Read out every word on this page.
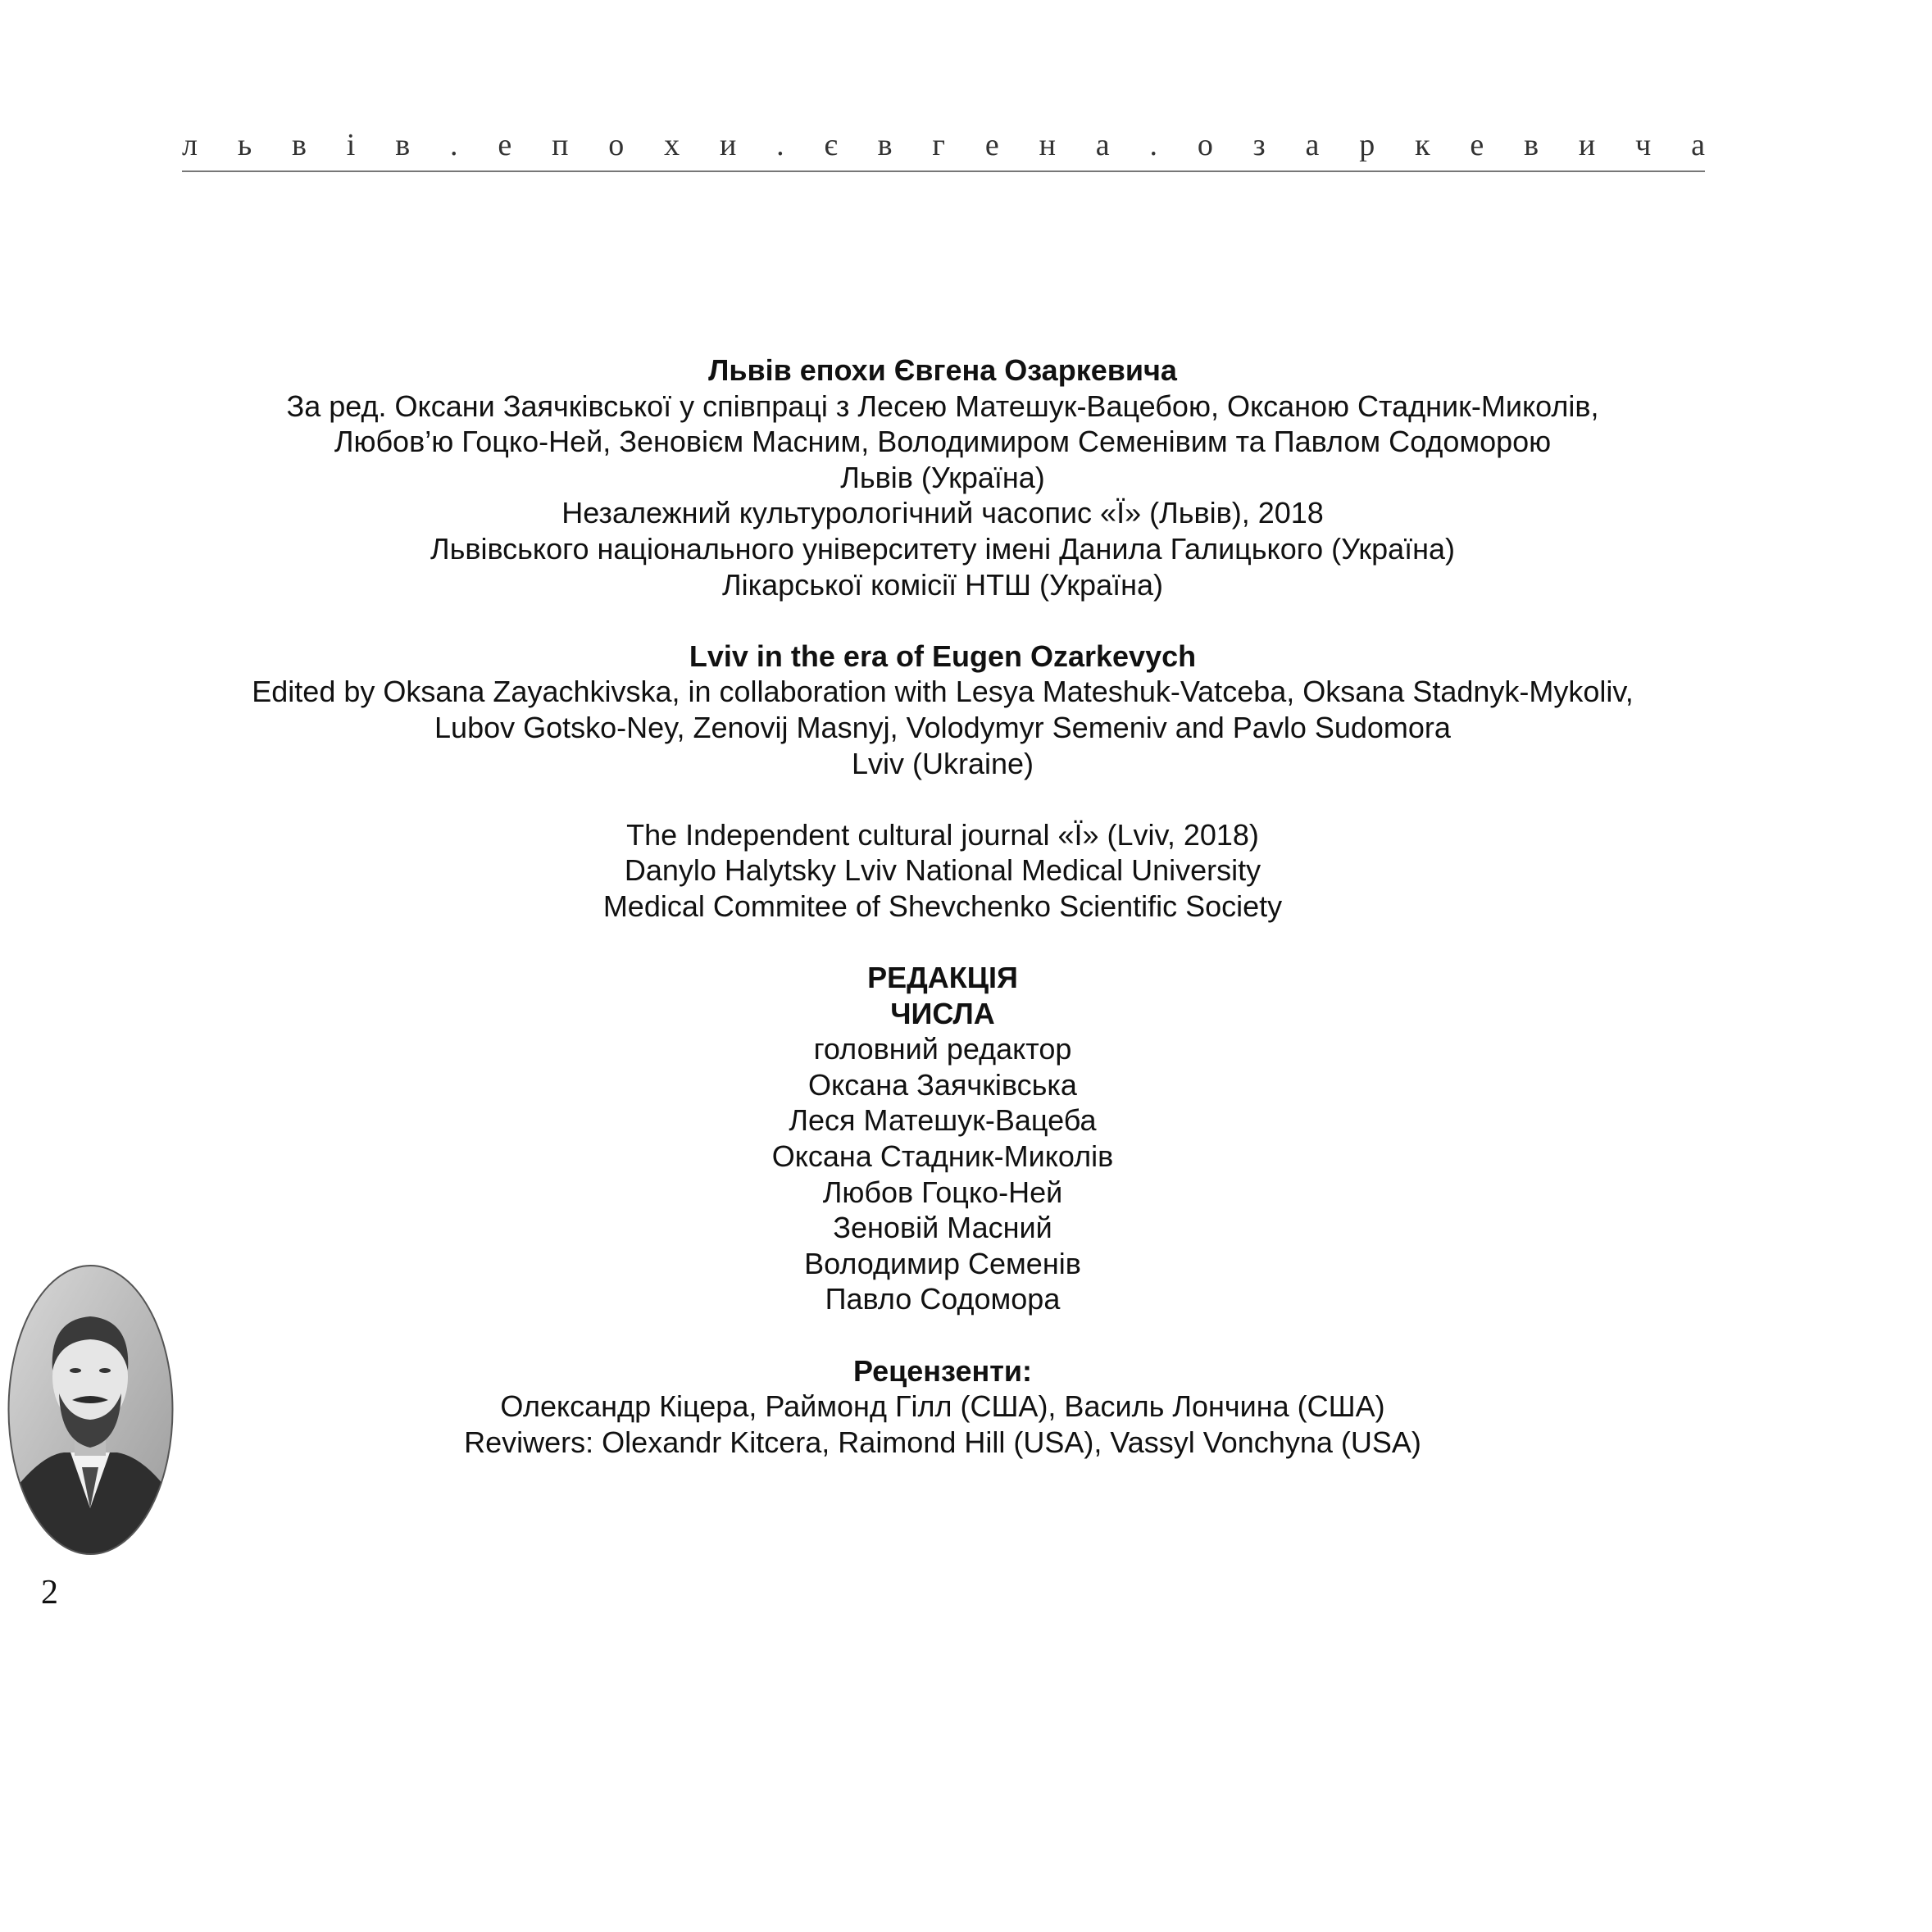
л ь в і в . е п о х и . є в г е н а . о з а р к е в и ч а
Львів епохи Євгена Озаркевича
За ред. Оксани Заячківської у співпраці з Лесею Матешук-Вацебою, Оксаною Стадник-Миколів,
Любов’ю Гоцко-Ней, Зеновієм Масним, Володимиром Семенівим та Павлом Содоморою
Львів (Україна)
Незалежний культурологічний часопис «Ї» (Львів), 2018
Львівського національного університету імені Данила Галицького (Україна)
Лікарської комісії НТШ (Україна)
Lviv in the era of Eugen Ozarkevych
Edited by Oksana Zayachkivska, in collaboration with Lesya Mateshuk-Vatceba, Oksana Stadnyk-Mykoliv,
Lubov Gotsko-Ney, Zenovij Masnyj, Volodymyr Semeniv and Pavlo Sudomora
Lviv (Ukraine)
The Independent cultural journal «Ї» (Lviv, 2018)
Danylo Halytsky Lviv National Medical University
Medical Commitee of Shevchenko Scientific Society
РЕДАКЦІЯ
ЧИСЛА
головний редактор
Оксана Заячківська
Леся Матешук-Вацеба
Оксана Стадник-Миколів
Любов Гоцко-Ней
Зеновій Масний
Володимир Семенів
Павло Содомора
Рецензенти:
Олександр Кіцера, Раймонд Гілл (США), Василь Лончина (США)
Reviwers: Olexandr Kitcera, Raimond Hill (USA), Vassyl Vonchyna (USA)
2
